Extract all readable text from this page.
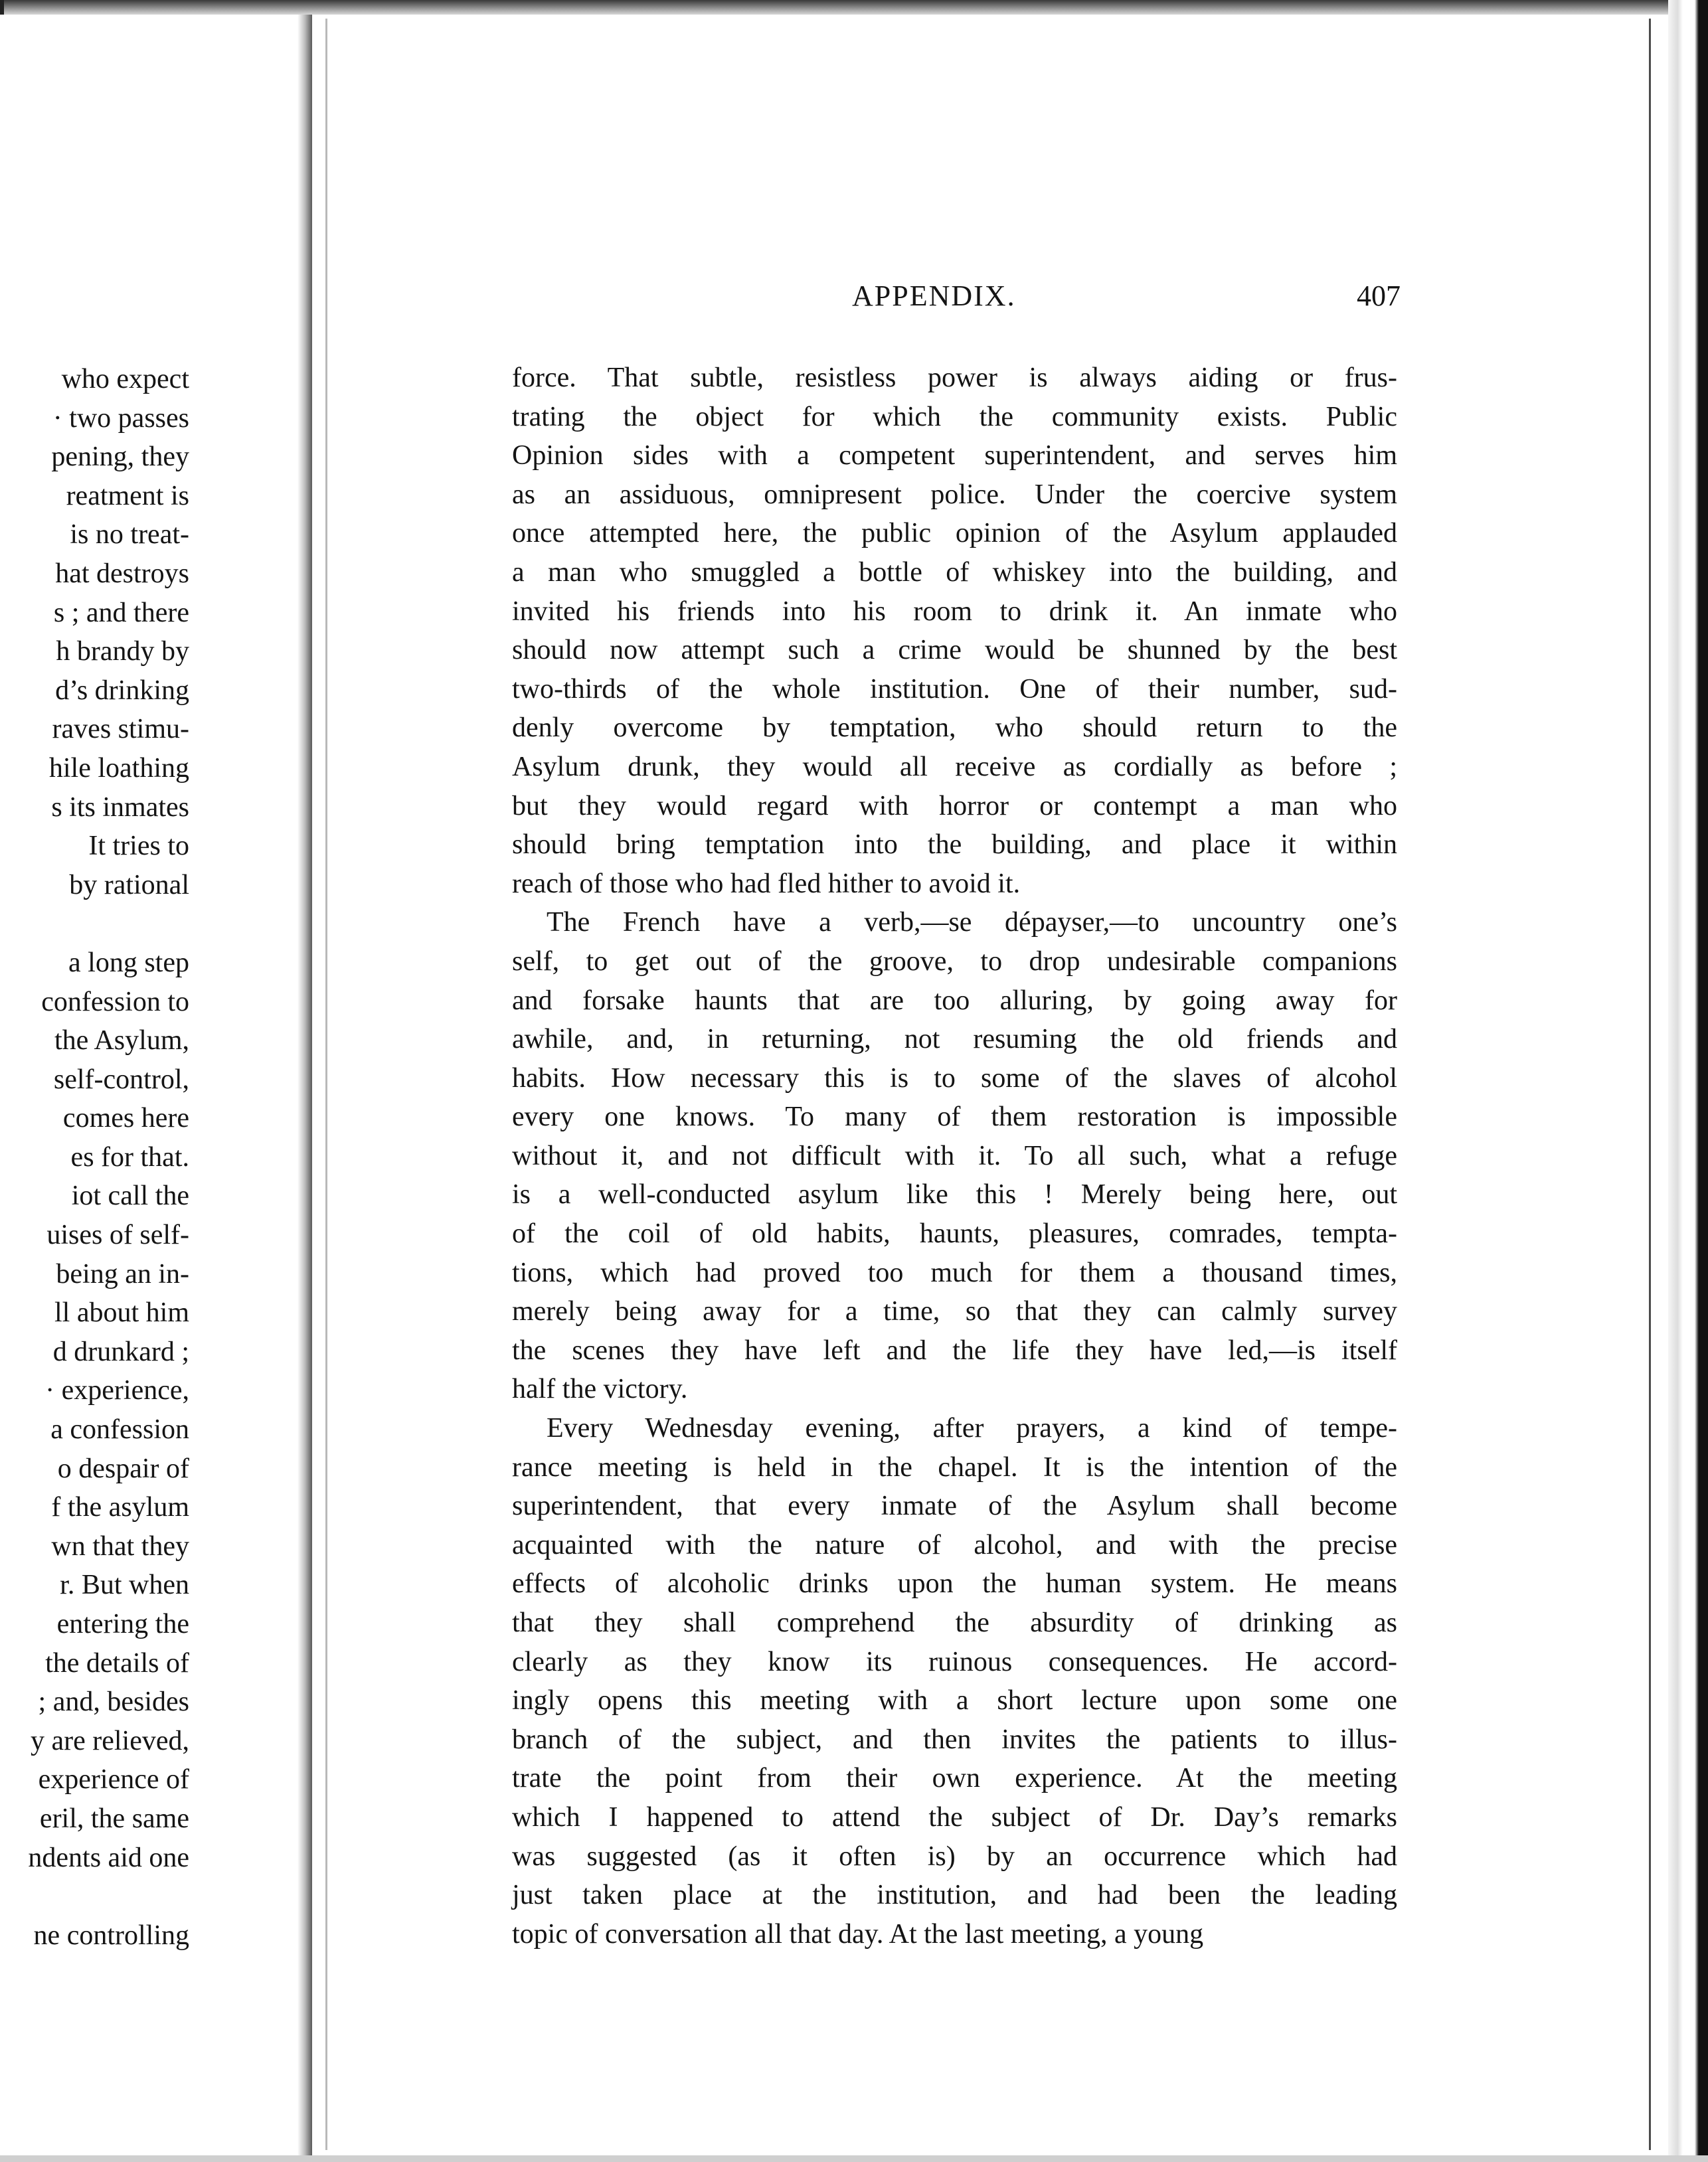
who expect
· two passes
pening, they
reatment is
is no treat-
hat destroys
s ; and there
h brandy by
d’s drinking
raves stimu-
hile loathing
s its inmates
It tries to
by rational
a long step
confession to
the Asylum,
self-control,
comes here
es for that.
iot call the
uises of self-
being an in-
ll about him
d drunkard ;
· experience,
a confession
o despair of
f the asylum
wn that they
r. But when
entering the
the details of
; and, besides
y are relieved,
experience of
eril, the same
ndents aid one
ne controlling
APPENDIX.	407
force. That subtle, resistless power is always aiding or frus-
trating the object for which the community exists. Public
Opinion sides with a competent superintendent, and serves him
as an assiduous, omnipresent police. Under the coercive system
once attempted here, the public opinion of the Asylum applauded
a man who smuggled a bottle of whiskey into the building, and
invited his friends into his room to drink it. An inmate who
should now attempt such a crime would be shunned by the best
two-thirds of the whole institution. One of their number, sud-
denly overcome by temptation, who should return to the
Asylum drunk, they would all receive as cordially as before ;
but they would regard with horror or contempt a man who
should bring temptation into the building, and place it within
reach of those who had fled hither to avoid it.
The French have a verb,—se dépayser,—to uncountry one’s
self, to get out of the groove, to drop undesirable companions
and forsake haunts that are too alluring, by going away for
awhile, and, in returning, not resuming the old friends and
habits. How necessary this is to some of the slaves of alcohol
every one knows. To many of them restoration is impossible
without it, and not difficult with it. To all such, what a refuge
is a well-conducted asylum like this ! Merely being here, out
of the coil of old habits, haunts, pleasures, comrades, tempta-
tions, which had proved too much for them a thousand times,
merely being away for a time, so that they can calmly survey
the scenes they have left and the life they have led,—is itself
half the victory.
Every Wednesday evening, after prayers, a kind of tempe-
rance meeting is held in the chapel. It is the intention of the
superintendent, that every inmate of the Asylum shall become
acquainted with the nature of alcohol, and with the precise
effects of alcoholic drinks upon the human system. He means
that they shall comprehend the absurdity of drinking as
clearly as they know its ruinous consequences. He accord-
ingly opens this meeting with a short lecture upon some one
branch of the subject, and then invites the patients to illus-
trate the point from their own experience. At the meeting
which I happened to attend the subject of Dr. Day’s remarks
was suggested (as it often is) by an occurrence which had
just taken place at the institution, and had been the leading
topic of conversation all that day. At the last meeting, a young
